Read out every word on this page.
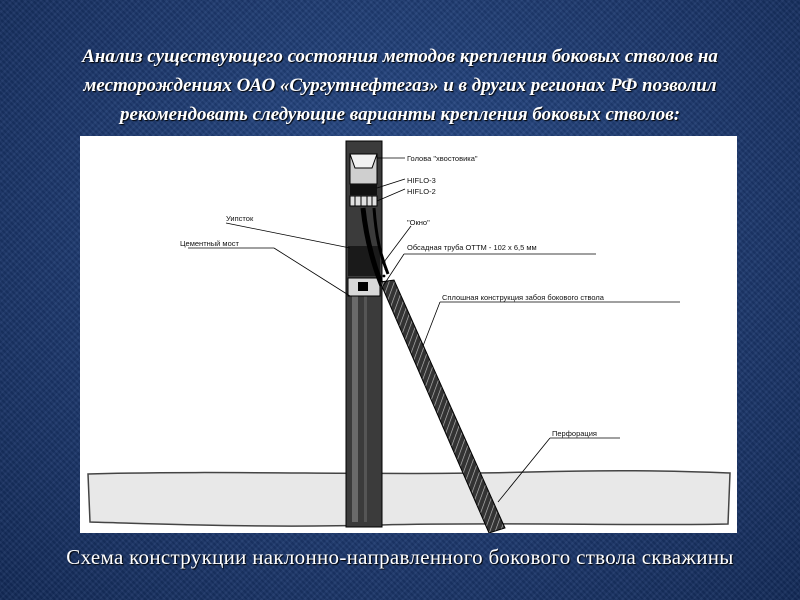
Анализ существующего состояния методов крепления боковых стволов на месторождениях ОАО «Сургутнефтегаз» и в других регионах РФ позволил рекомендовать следующие варианты крепления боковых стволов:
Голова "хвостовика"
HIFLO-3
HIFLO-2
Уипсток	"Окно"
Цементный мост	Обсадная труба ОТТМ - 102 х 6,5 мм
Сплошная конструкция забоя бокового ствола
Перфорация

Схема конструкции наклонно-направленного бокового ствола скважины
